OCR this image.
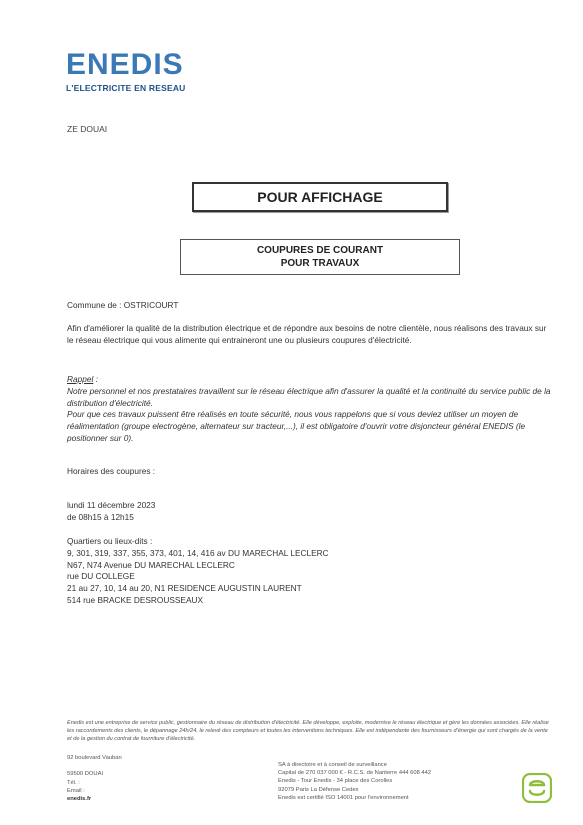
ENEDIS
L'ELECTRICITE EN RESEAU
ZE DOUAI
POUR AFFICHAGE
COUPURES DE COURANT
POUR TRAVAUX
Commune de : OSTRICOURT
Afin d'améliorer la qualité de la distribution électrique et de répondre aux besoins de notre clientèle, nous réalisons des travaux sur le réseau électrique qui vous alimente qui entraineront une ou plusieurs coupures d'électricité.
Rappel :
Notre personnel et nos prestataires travaillent sur le réseau électrique afin d'assurer la qualité et la continuité du service public de la distribution d'électricité.
Pour que ces travaux puissent être réalisés en toute sécurité, nous vous rappelons que si vous deviez utiliser un moyen de réalimentation (groupe electrogène, alternateur sur tracteur,...), il est obligatoire d'ouvrir votre disjoncteur général ENEDIS (le positionner sur 0).
Horaires des coupures :
lundi 11 décembre 2023
de 08h15 à 12h15
Quartiers ou lieux-dits :
9, 301, 319, 337, 355, 373, 401, 14, 416 av DU MARECHAL LECLERC
N67, N74 Avenue DU MARECHAL LECLERC
rue DU COLLEGE
21 au 27, 10, 14 au 20, N1 RESIDENCE AUGUSTIN LAURENT
514 rue BRACKE DESROUSSEAUX
Enedis est une entreprise de service public, gestionnaire du réseau de distribution d'électricité. Elle développe, exploite, modernise le réseau électrique et gère les données associées. Elle réalise les raccordements des clients, le dépannage 24h/24, le relevé des compteurs et toutes les interventions techniques. Elle est indépendante des fournisseurs d'énergie qui sont chargés de la vente et de la gestion du contrat de fourniture d'électricité.
92 boulevard Vauban

59500 DOUAI
Tél. :
Email :
enedis.fr
SA à directoire et à conseil de surveillance
Capital de 270 037 000 € - R.C.S. de Nanterre 444 608 442
Enedis - Tour Enedis - 34 place des Corolles
92079 Paris La Défense Cedex
Enedis est certifié ISO 14001 pour l'environnement
